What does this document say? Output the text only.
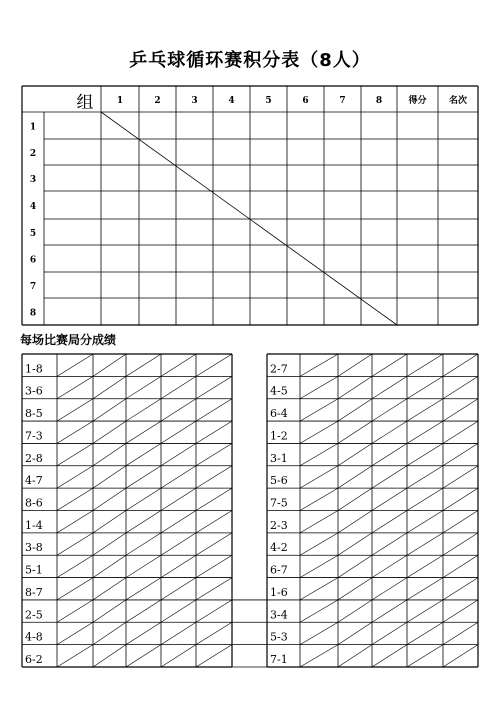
乒乓球循环赛积分表（8人）
每场比赛局分成绩
组	1	2	3	4	5	6	7	8	得分 名次
1
2
3
4
5
6
7
8
1-8
3-6
8-5
7-3
2-8
4-7
8-6
1-4
3-8
5-1
8-7
2-5
4-8
6-2
2-7
4-5
6-4
1-2
3-1
5-6
7-5
2-3
4-2
6-7
1-6
3-4
5-3
7-1
